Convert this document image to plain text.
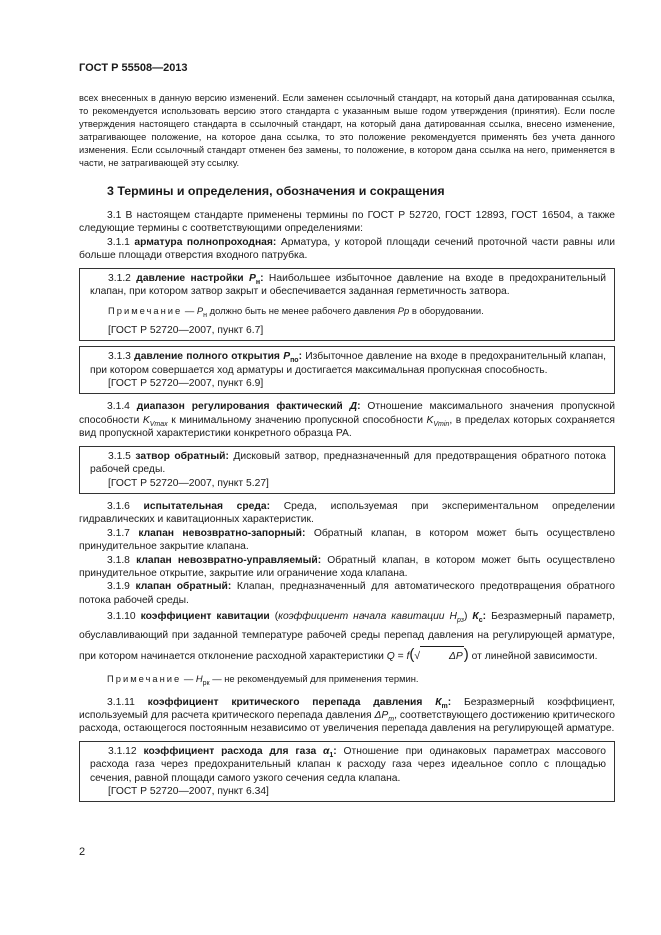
ГОСТ Р 55508—2013

всех внесенных в данную версию изменений. Если заменен ссылочный стандарт, на который дана датированная ссылка, то рекомендуется использовать версию этого стандарта с указанным выше годом утверждения (принятия). Если после утверждения настоящего стандарта в ссылочный стандарт, на который дана датированная ссылка, внесено изменение, затрагивающее положение, на которое дана ссылка, то это положение рекомендуется применять без учета данного изменения. Если ссылочный стандарт отменен без замены, то положение, в котором дана ссылка на него, применяется в части, не затрагивающей эту ссылку.

3 Термины и определения, обозначения и сокращения

3.1 В настоящем стандарте применены термины по ГОСТ Р 52720, ГОСТ 12893, ГОСТ 16504, а также следующие термины с соответствующими определениями:

3.1.1 арматура полнопроходная: Арматура, у которой площади сечений проточной части равны или больше площади отверстия входного патрубка.

3.1.2 давление настройки $Р_н$: Наибольшее избыточное давление на входе в предохранительный клапан, при котором затвор закрыт и обеспечивается заданная герметичность затвора.

Примечание — $Р_н$ должно быть не менее рабочего давления Рр в оборудовании.

[ГОСТ Р 52720—2007, пункт 6.7]

3.1.3 давление полного открытия $Р_{по}$: Избыточное давление на входе в предохранительный клапан, при котором совершается ход арматуры и достигается максимальная пропускная способность.

[ГОСТ Р 52720—2007, пункт 6.9]

3.1.4 диапазон регулирования фактический Д: Отношение максимального значения пропускной способности $K_{Vmax}$ к минимальному значению пропускной способности $K_{Vmin}$, в пределах которых сохраняется вид пропускной характеристики конкретного образца РА.

3.1.5 затвор обратный: Дисковый затвор, предназначенный для предотвращения обратного потока рабочей среды.

[ГОСТ Р 52720—2007, пункт 5.27]

3.1.6 испытательная среда: Среда, используемая при экспериментальном определении гидравлических и кавитационных характеристик.

3.1.7 клапан невозвратно-запорный: Обратный клапан, в котором может быть осуществлено принудительное закрытие клапана.

3.1.8 клапан невозвратно-управляемый: Обратный клапан, в котором может быть осуществлено принудительное открытие, закрытие или ограничение хода клапана.

3.1.9 клапан обратный: Клапан, предназначенный для автоматического предотвращения обратного потока рабочей среды.

3.1.10 коэффициент кавитации (коэффициент начала кавитации $H_{рз}$) $К_с$: Безразмерный параметр, обуславливающий при заданной температуре рабочей среды перепад давления на регулирующей арматуре, при котором начинается отклонение расходной характеристики Q = f(√	ΔP) от линейной зависимости.

Примечание — $H_{рк}$ — не рекомендуемый для применения термин.

3.1.11 коэффициент критического перепада давления $К_m$: Безразмерный коэффициент, используемый для расчета критического перепада давления $\Delta P_m$, соответствующего достижению критического расхода, остающегося постоянным независимо от увеличения перепада давления на регулирующей арматуре.

3.1.12 коэффициент расхода для газа $\alpha_1$: Отношение при одинаковых параметрах массового расхода газа через предохранительный клапан к расходу газа через идеальное сопло с площадью сечения, равной площади самого узкого сечения седла клапана.

[ГОСТ Р 52720—2007, пункт 6.34]

2
